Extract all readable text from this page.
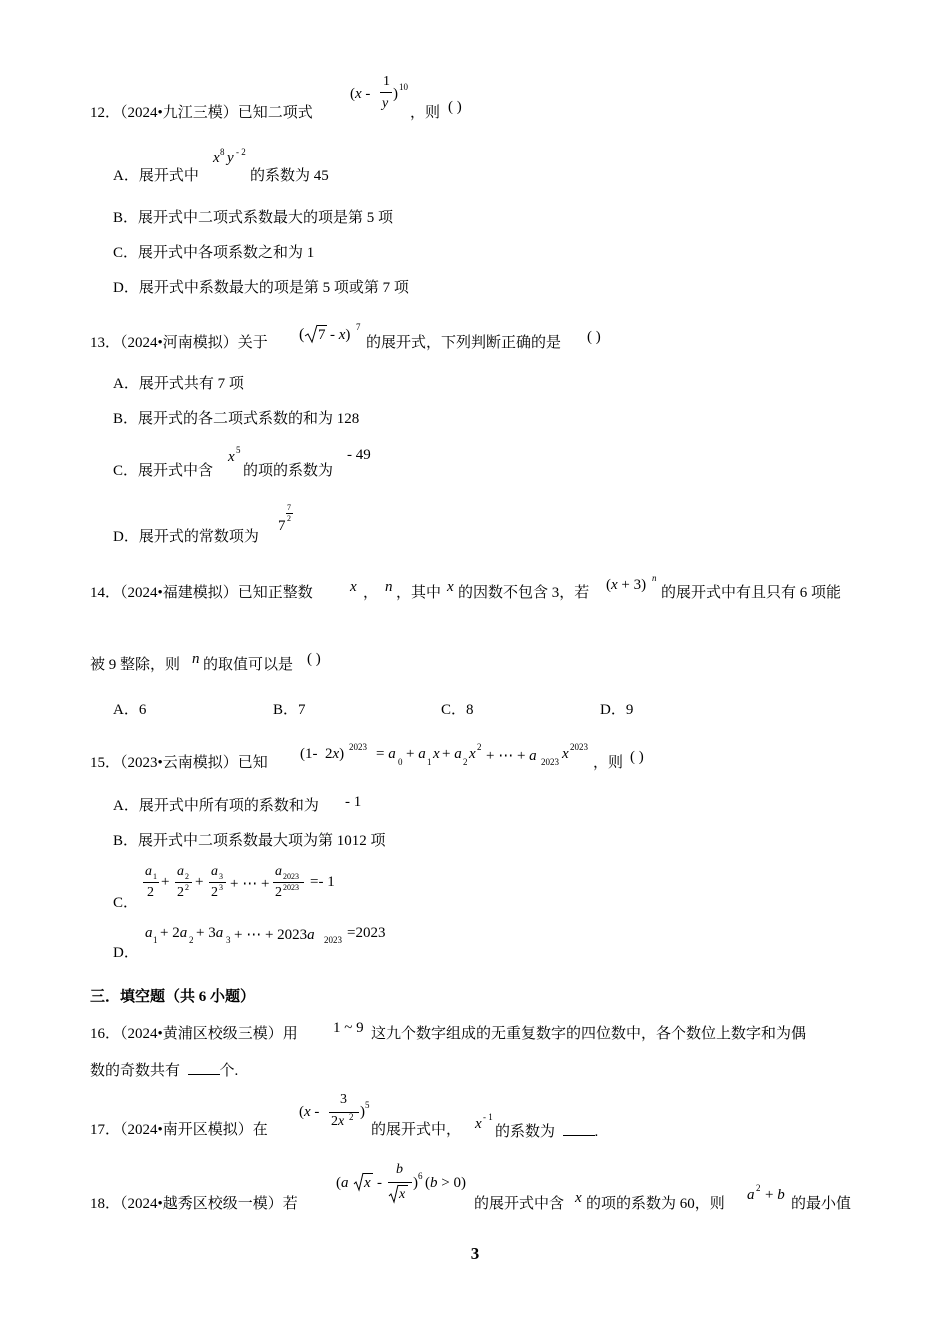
12．（2024•九江三模）已知二项式
(x -
1
y
) 10
，则 ( )
A．展开式中
x 8 y - 2
的系数为 45
B．展开式中二项式系数最大的项是第 5 项
C．展开式中各项系数之和为 1
D．展开式中系数最大的项是第 5 项或第 7 项
13．（2024•河南模拟）关于 ( 7 - x) 7
的展开式，下列判断正确的是 ( )
A．展开式共有 7 项
B．展开式的各二项式系数的和为 128
C．展开式中含
x 5
的项的系数为
- 49
D．展开式的常数项为
7
7
2
14．（2024•福建模拟）已知正整数 x ， n ，其中 x 的因数不包含 3，若 (x + 3) n
的展开式中有且只有 6 项能
被 9 整除，则 n 的取值可以是 ( )
A．6	B．7	C．8	D．9
15．（2023•云南模拟）已知
(1-  2x) 2023 = a 0 + a 1 x + a 2 x 2
+ ⋯ + a 2023 x 2023
，则 ( )
A．展开式中所有项的系数和为 - 1
B．展开式中二项系数最大项为第 1012 项
C．
a 1
2
+
a 2
2 2 +
a 3
2 3 + ⋯ +
a 2023
2 2023 =- 1
D．
a 1 + 2a 2 + 3a 3 + ⋯ + 2023a 2023 =2023
三．填空题（共 6 小题）
16．（2024•黄浦区校级三模）用 1 ~ 9 这九个数字组成的无重复数字的四位数中，各个数位上数字和为偶
数的奇数共有	个.
17．（2024•南开区模拟）在
(x -
3
2x 2 ) 5
的展开式中， x - 1
的系数为	.
18．（2024•越秀区校级一模）若
(a x -
b
x
) 6 (b > 0)
的展开式中含 x 的项的系数为 60，则
a 2 + b
的最小值
3
